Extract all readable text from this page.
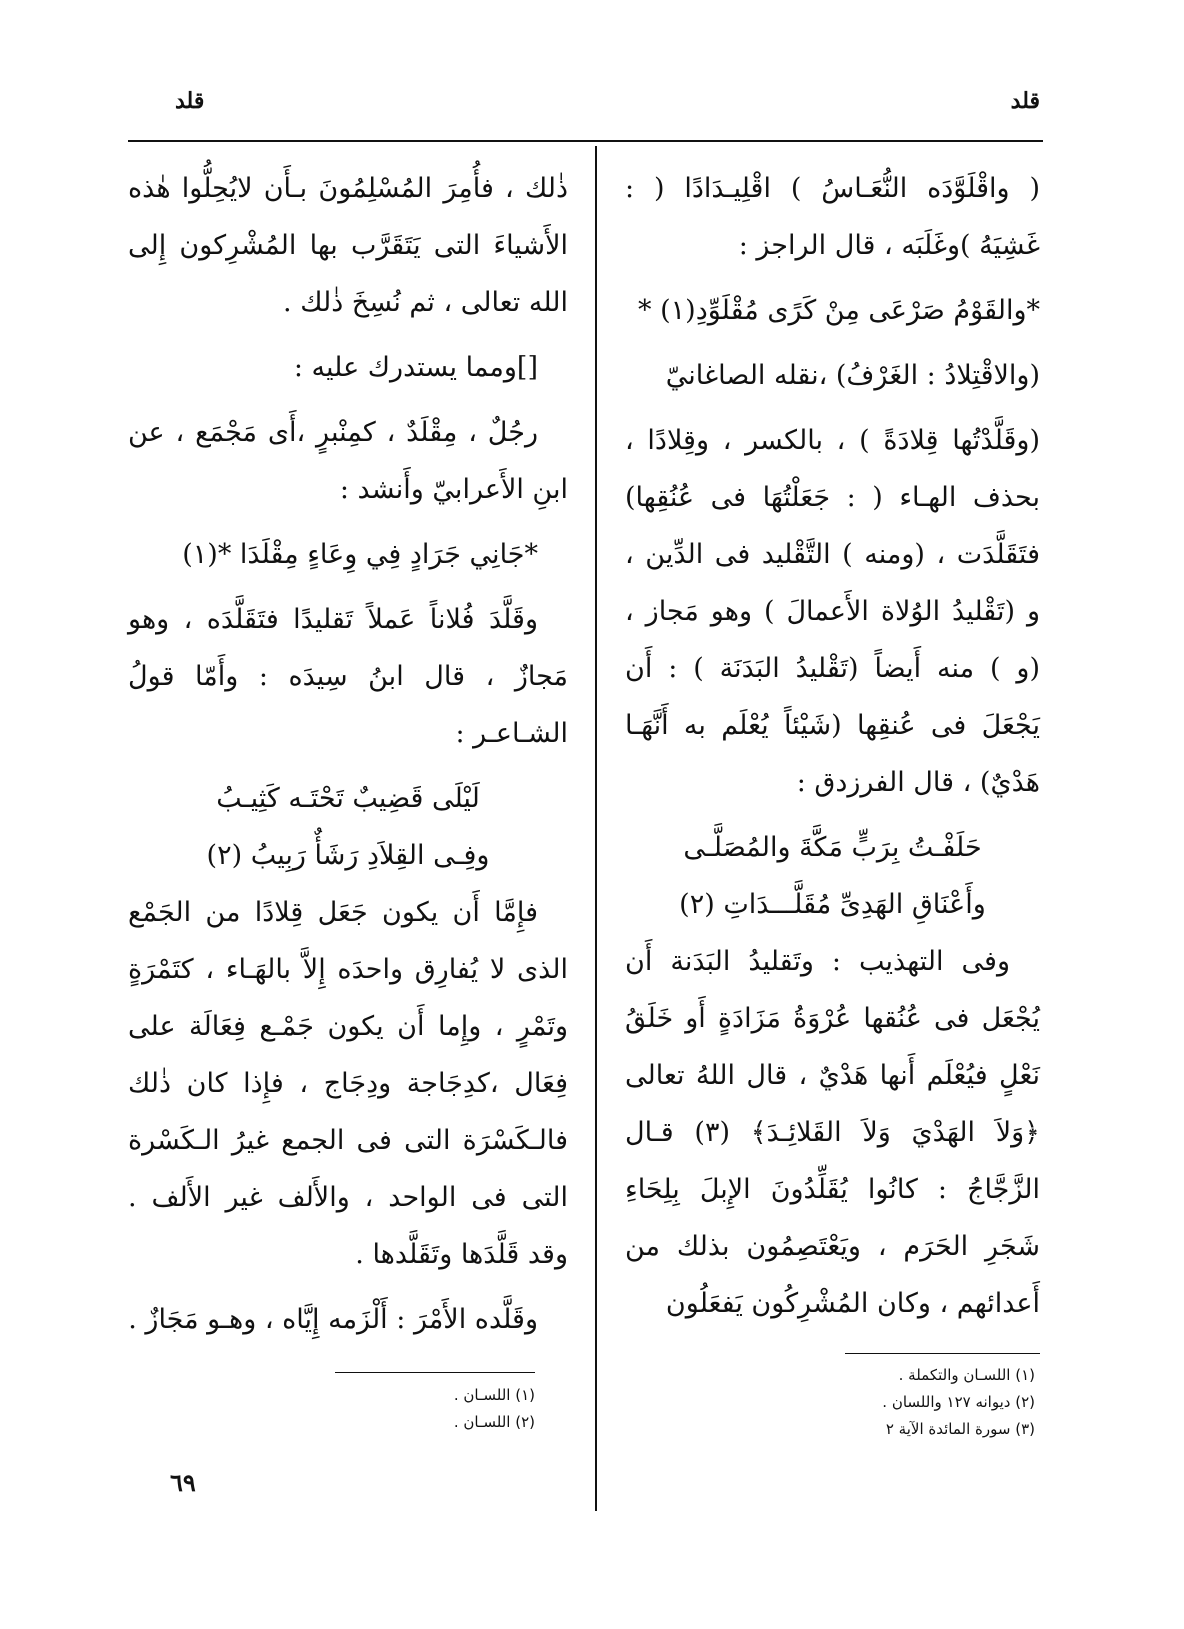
قلد
قلد

( واقْلَوَّدَه النُّعَـاسُ ) اقْلِيـدَادًا ( : غَشِيَهُ )وغَلَبَه ، قال الراجز :

*والقَوْمُ صَرْعَى مِنْ كَرًى مُقْلَوِّدِ(١) *

(والاقْتِلادُ : الغَرْفُ) ،نقله الصاغانيّ

(وقَلَّدْتُها قِلادَةً ) ، بالكسر ، وقِلادًا ، بحذف الهـاء ( : جَعَلْتُهَا فى عُنُقِها) فتَقَلَّدَت ، (ومنه ) التَّقْليد فى الدِّين ، و (تَقْليدُ الوُلاة الأَعمالَ ) وهو مَجاز ، (و ) منه أَيضاً (تَقْليدُ البَدَنَة ) : أَن يَجْعَلَ فى عُنقِها (شَيْئاً يُعْلَم به أَنَّهَـا هَدْيٌ) ، قال الفرزدق :

حَلَفْـتُ بِرَبٍّ مَكَّةَ والمُصَلَّـى

وأَعْنَاقِ الهَدِىِّ مُقَلَّـــدَاتِ (٢)

وفى التهذيب : وتَقليدُ البَدَنة أَن يُجْعَل فى عُنُقها عُرْوَةُ مَزَادَةٍ أَو خَلَقُ نَعْلٍ فيُعْلَم أَنها هَدْيٌ ، قال اللهُ تعالى ﴿وَلاَ الهَدْيَ وَلاَ القَلائِـدَ﴾ (٣) قـال الزَّجَّاجُ : كانُوا يُقَلِّدُونَ الإِبلَ بِلِحَاءِ شَجَرِ الحَرَم ، ويَعْتَصِمُون بذلك من أَعدائهم ، وكان المُشْرِكُون يَفعَلُون

ذٰلك ، فأُمِرَ المُسْلِمُونَ بـأَن لايُحِلُّوا هٰذه الأَشياءَ التى يَتَقَرَّب بها المُشْرِكون إِلى الله تعالى ، ثم نُسِخَ ذٰلك .

[]ومما يستدرك عليه :

رجُلٌ ، مِقْلَدٌ ، كمِنْبرٍ ،أَى مَجْمَع ، عن ابنِ الأَعرابيّ وأَنشد :

*جَانِي جَرَادٍ فِي وِعَاءٍ مِقْلَدَا *(١)

وقَلَّدَ فُلاناً عَملاً تَقليدًا فتَقَلَّدَه ، وهو مَجازٌ ، قال ابنُ سِيدَه : وأَمّا قولُ الشـاعـر :

لَيْلَى قَضِيبٌ تَحْتَـه كَثِيـبُ

وفِـى القِلاَدِ رَشَأٌ رَبِيبُ (٢)

فإِمَّا أَن يكون جَعَل قِلادًا من الجَمْع الذى لا يُفارِق واحدَه إِلاَّ بالهَـاء ، كتَمْرَةٍ وتَمْرٍ ، وإِما أَن يكون جَمْـع فِعَالَة على فِعَال ،كدِجَاجة ودِجَاج ، فإِذا كان ذٰلك فالـكَسْرَة التى فى الجمع غيرُ الـكَسْرة التى فى الواحد ، والأَلف غير الأَلف . وقد قَلَّدَها وتَقَلَّدها .

وقَلَّده الأَمْرَ : أَلْزَمه إِيَّاه ، وهـو مَجَازٌ .

(١) اللسـان والتكملة .
(٢) ديوانه ١٢٧ واللسان .
(٣) سورة المائدة الآية ٢
(١) اللسـان .
(٢) اللسـان .
٦٩
